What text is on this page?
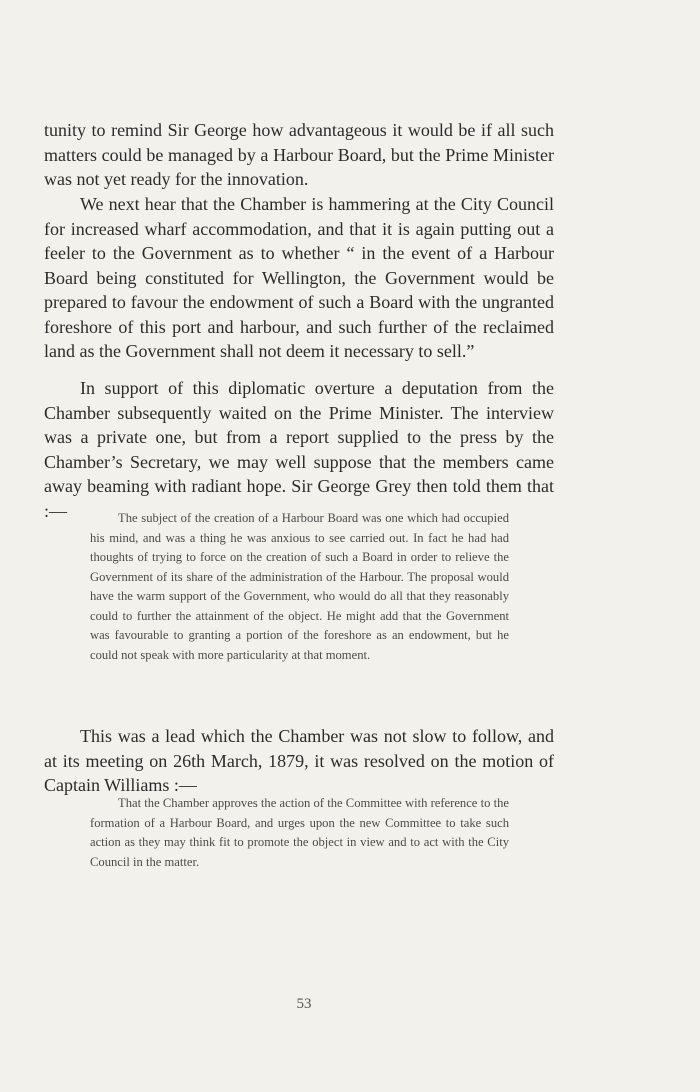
tunity to remind Sir George how advantageous it would be if all such matters could be managed by a Harbour Board, but the Prime Minister was not yet ready for the innovation.

We next hear that the Chamber is hammering at the City Council for increased wharf accommodation, and that it is again putting out a feeler to the Government as to whether “ in the event of a Harbour Board being constituted for Wellington, the Government would be prepared to favour the endowment of such a Board with the ungranted foreshore of this port and harbour, and such further of the reclaimed land as the Government shall not deem it necessary to sell.”

In support of this diplomatic overture a deputation from the Chamber subsequently waited on the Prime Minister. The interview was a private one, but from a report supplied to the press by the Chamber’s Secretary, we may well suppose that the members came away beaming with radiant hope. Sir George Grey then told them that :—	The subject of the creation of a Harbour Board was one which had occupied his mind, and was a thing he was anxious to see carried out. In fact he had had thoughts of trying to force on the creation of such a Board in order to relieve the Government of its share of the administration of the Harbour. The proposal would have the warm support of the Government, who would do all that they reasonably could to further the attainment of the object. He might add that the Government was favourable to granting a portion of the foreshore as an endowment, but he could not speak with more particularity at that moment.

This was a lead which the Chamber was not slow to follow, and at its meeting on 26th March, 1879, it was resolved on the motion of Captain Williams :—

That the Chamber approves the action of the Committee with reference to the formation of a Harbour Board, and urges upon the new Committee to take such action as they may think fit to promote the object in view and to act with the City Council in the matter.

53
